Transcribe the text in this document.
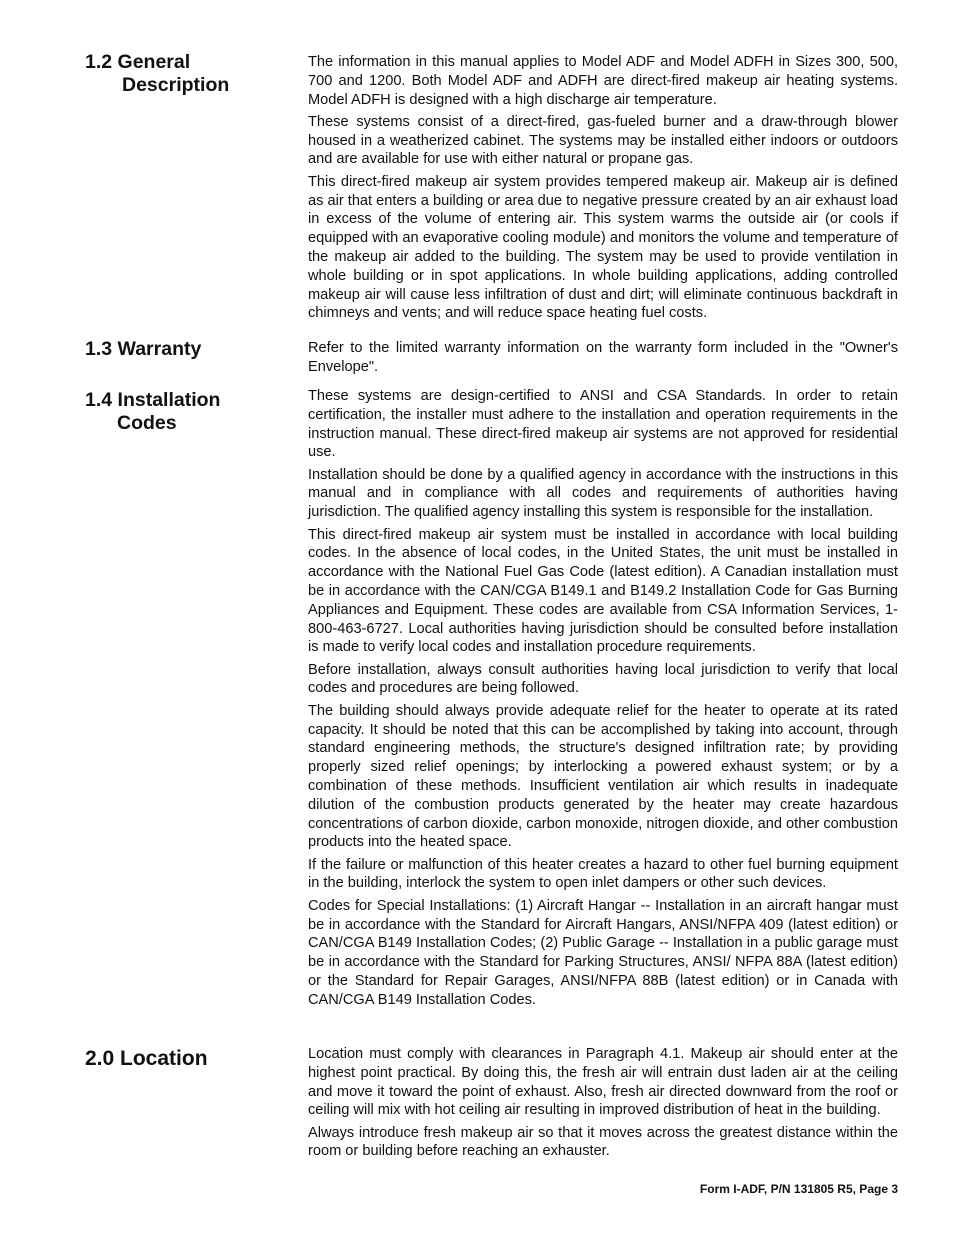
1.2 General
Description

The information in this manual applies to Model ADF and Model ADFH in Sizes 300, 500, 700 and 1200. Both Model ADF and ADFH are direct-fired makeup air heating systems. Model ADFH is designed with a high discharge air temperature.

These systems consist of a direct-fired, gas-fueled burner and a draw-through blower housed in a weatherized cabinet. The systems may be installed either indoors or outdoors and are available for use with either natural or propane gas.

This direct-fired makeup air system provides tempered makeup air. Makeup air is defined as air that enters a building or area due to negative pressure created by an air exhaust load in excess of the volume of entering air. This system warms the outside air (or cools if equipped with an evaporative cooling module) and monitors the volume and temperature of the makeup air added to the building. The system may be used to provide ventilation in whole building or in spot applications. In whole building applications, adding controlled makeup air will cause less infiltration of dust and dirt; will eliminate continuous backdraft in chimneys and vents; and will reduce space heating fuel costs.

1.3 Warranty	Refer to the limited warranty information on the warranty form included in the "Owner's Envelope".

1.4 Installation
Codes

These systems are design-certified to ANSI and CSA Standards. In order to retain certification, the installer must adhere to the installation and operation requirements in the instruction manual. These direct-fired makeup air systems are not approved for residential use.

Installation should be done by a qualified agency in accordance with the instructions in this manual and in compliance with all codes and requirements of authorities having jurisdiction. The qualified agency installing this system is responsible for the installation.

This direct-fired makeup air system must be installed in accordance with local building codes. In the absence of local codes, in the United States, the unit must be installed in accordance with the National Fuel Gas Code (latest edition). A Canadian installation must be in accordance with the CAN/CGA B149.1 and B149.2 Installation Code for Gas Burning Appliances and Equipment. These codes are available from CSA Information Services, 1-800-463-6727. Local authorities having jurisdiction should be consulted before installation is made to verify local codes and installation procedure requirements.

Before installation, always consult authorities having local jurisdiction to verify that local codes and procedures are being followed.

The building should always provide adequate relief for the heater to operate at its rated capacity. It should be noted that this can be accomplished by taking into account, through standard engineering methods, the structure's designed infiltration rate; by providing properly sized relief openings; by interlocking a powered exhaust system; or by a combination of these methods. Insufficient ventilation air which results in inadequate dilution of the combustion products generated by the heater may create hazardous concentrations of carbon dioxide, carbon monoxide, nitrogen dioxide, and other combustion products into the heated space.

If the failure or malfunction of this heater creates a hazard to other fuel burning equipment in the building, interlock the system to open inlet dampers or other such devices.

Codes for Special Installations: (1) Aircraft Hangar -- Installation in an aircraft hangar must be in accordance with the Standard for Aircraft Hangars, ANSI/NFPA 409 (latest edition) or CAN/CGA B149 Installation Codes; (2) Public Garage -- Installation in a public garage must be in accordance with the Standard for Parking Structures, ANSI/ NFPA 88A (latest edition) or the Standard for Repair Garages, ANSI/NFPA 88B (latest edition) or in Canada with CAN/CGA B149 Installation Codes.

2.0 Location	Location must comply with clearances in Paragraph 4.1. Makeup air should enter at the highest point practical. By doing this, the fresh air will entrain dust laden air at the ceiling and move it toward the point of exhaust. Also, fresh air directed downward from the roof or ceiling will mix with hot ceiling air resulting in improved distribution of heat in the building.

Always introduce fresh makeup air so that it moves across the greatest distance within the room or building before reaching an exhauster.

Form I-ADF, P/N 131805 R5, Page 3
